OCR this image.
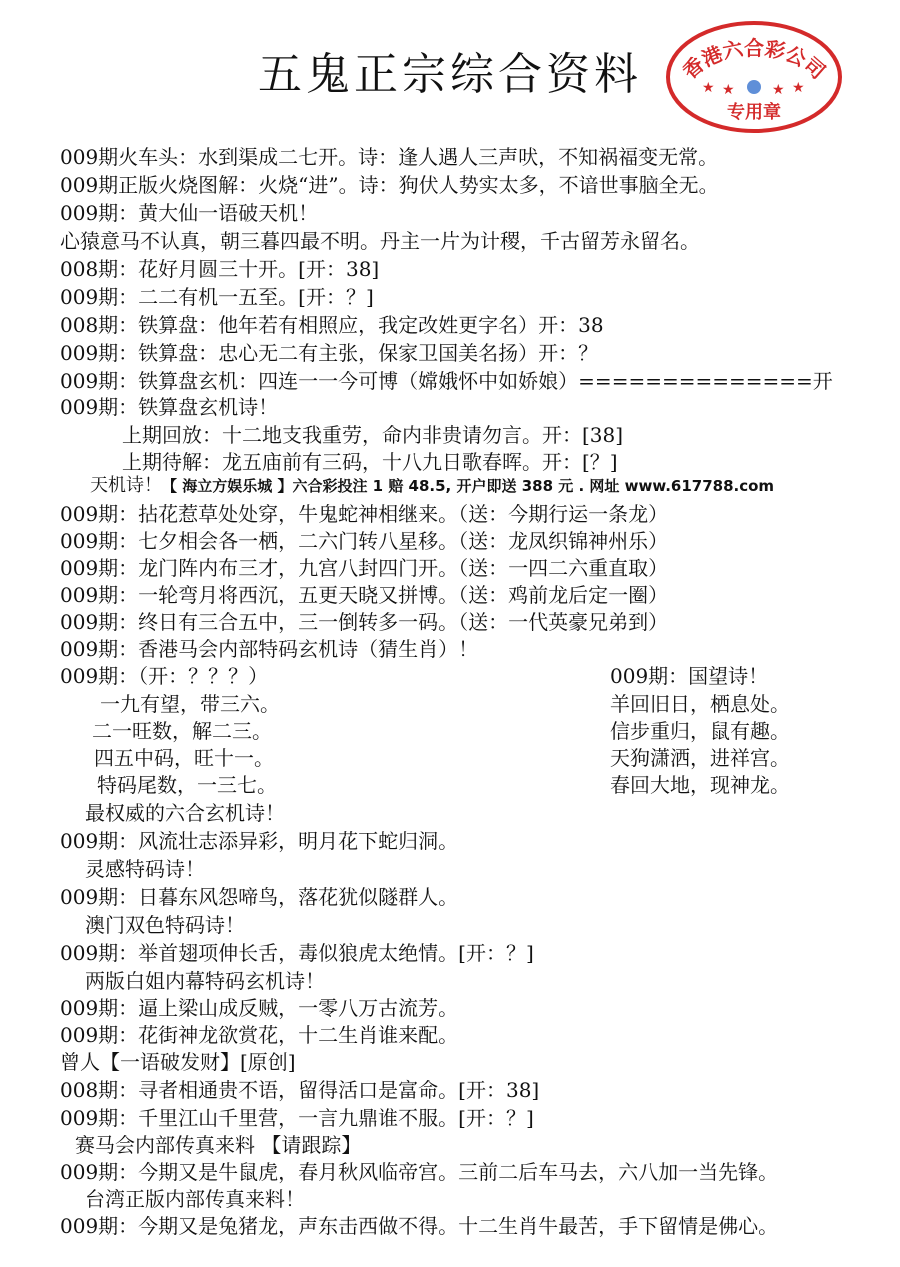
五鬼正宗综合资料	香港六合彩公司
★ ★	★ ★
专用章
009期火车头：水到渠成二七开。诗：逢人遇人三声吠，不知祸福变无常。
009期正版火烧图解：火烧“进”。诗：狗伏人势实太多，不谙世事脑全无。
009期：黄大仙一语破天机！
心猿意马不认真，朝三暮四最不明。丹主一片为计稷，千古留芳永留名。
008期：花好月圆三十开。[开：38]
009期：二二有机一五至。[开：？]
008期：铁算盘：他年若有相照应，我定改姓更字名）开：38
009期：铁算盘：忠心无二有主张，保家卫国美名扬）开：？
009期：铁算盘玄机：四连一一今可博（嫦娥怀中如娇娘）==============开
009期：铁算盘玄机诗！
上期回放：十二地支我重劳，命内非贵请勿言。开：[38]
上期待解：龙五庙前有三码，十八九日歌春晖。开：[？]
天机诗！【 海立方娱乐城 】六合彩投注 1 赔 48.5, 开户即送 388 元 . 网址 www.617788.com
009期：拈花惹草处处穿，牛鬼蛇神相继来。（送：今期行运一条龙）
009期：七夕相会各一栖，二六门转八星移。（送：龙凤织锦神州乐）
009期：龙门阵内布三才，九宫八封四门开。（送：一四二六重直取）
009期：一轮弯月将西沉，五更天晓又拼博。（送：鸡前龙后定一圈）
009期：终日有三合五中，三一倒转多一码。（送：一代英豪兄弟到）
009期：香港马会内部特码玄机诗（猜生肖）！
009期：（开：？？？）
一九有望，带三六。
二一旺数，解二三。
四五中码，旺十一。
特码尾数，一三七。
009期：国望诗！
羊回旧日，栖息处。
信步重归，鼠有趣。
天狗潇洒，进祥宫。
春回大地，现神龙。
最权威的六合玄机诗！
009期：风流壮志添异彩，明月花下蛇归洞。
灵感特码诗！
009期：日暮东风怨啼鸟，落花犹似隧群人。
澳门双色特码诗！
009期：举首翅项伸长舌，毒似狼虎太绝情。[开：？]
两版白姐内幕特码玄机诗！
009期：逼上梁山成反贼，一零八万古流芳。
009期：花街神龙欲赏花，十二生肖谁来配。
曾人【一语破发财】[原创]
008期：寻者相通贵不语，留得活口是富命。[开：38]
009期：千里江山千里营，一言九鼎谁不服。[开：？]
赛马会内部传真来料 【请跟踪】
009期：今期又是牛鼠虎，春月秋风临帝宫。三前二后车马去，六八加一当先锋。
台湾正版内部传真来料！
009期：今期又是兔猪龙，声东击西做不得。十二生肖牛最苦，手下留情是佛心。
